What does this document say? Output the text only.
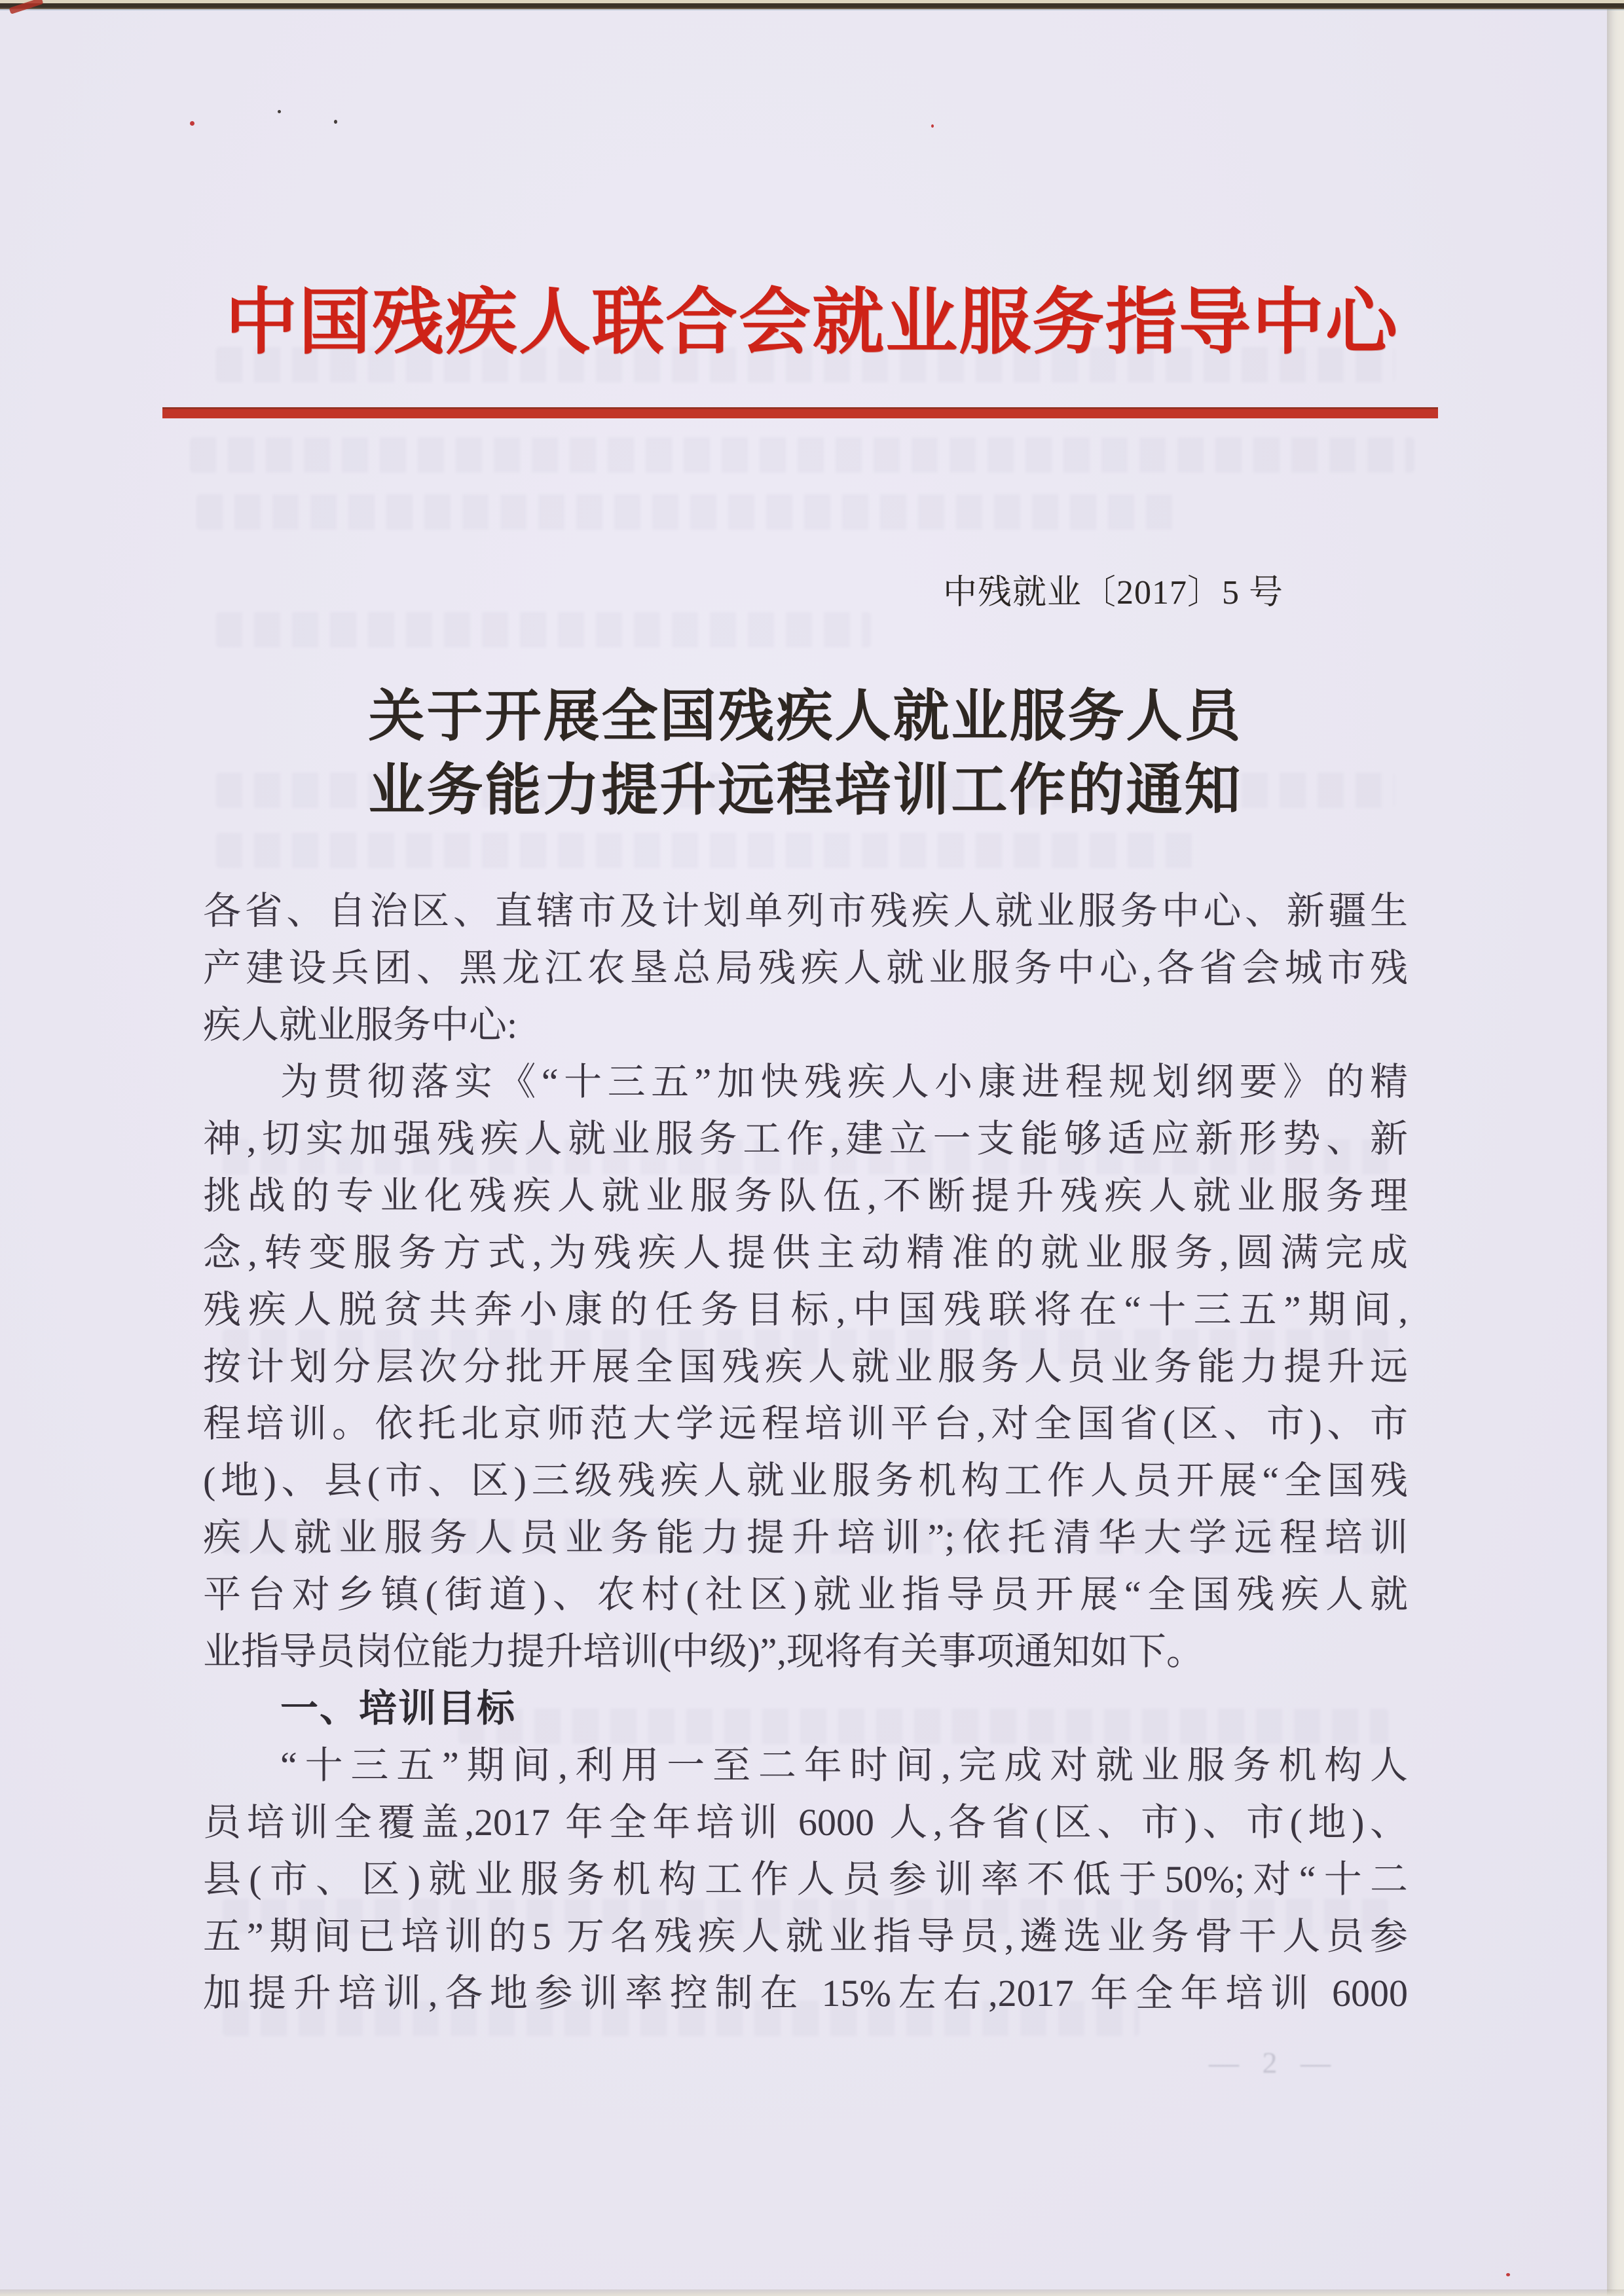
中国残疾人联合会就业服务指导中心
中残就业〔2017〕5 号
关于开展全国残疾人就业服务人员
业务能力提升远程培训工作的通知
各省、自治区、直辖市及计划单列市残疾人就业服务中心、新疆生
产建设兵团、黑龙江农垦总局残疾人就业服务中心,各省会城市残
疾人就业服务中心:
为贯彻落实《“十三五”加快残疾人小康进程规划纲要》的精
神,切实加强残疾人就业服务工作,建立一支能够适应新形势、新
挑战的专业化残疾人就业服务队伍,不断提升残疾人就业服务理
念,转变服务方式,为残疾人提供主动精准的就业服务,圆满完成
残疾人脱贫共奔小康的任务目标,中国残联将在“十三五”期间,
按计划分层次分批开展全国残疾人就业服务人员业务能力提升远
程培训。依托北京师范大学远程培训平台,对全国省(区、市)、市
(地)、县(市、区)三级残疾人就业服务机构工作人员开展“全国残
疾人就业服务人员业务能力提升培训”;依托清华大学远程培训
平台对乡镇(街道)、农村(社区)就业指导员开展“全国残疾人就
业指导员岗位能力提升培训(中级)”,现将有关事项通知如下。
一、培训目标
“十三五”期间,利用一至二年时间,完成对就业服务机构人
员培训全覆盖,2017 年全年培训 6000 人,各省(区、市)、市(地)、
县(市、区)就业服务机构工作人员参训率不低于50%;对“十二
五”期间已培训的5 万名残疾人就业指导员,遴选业务骨干人员参
加提升培训,各地参训率控制在 15%左右,2017 年全年培训 6000
— 2 —
